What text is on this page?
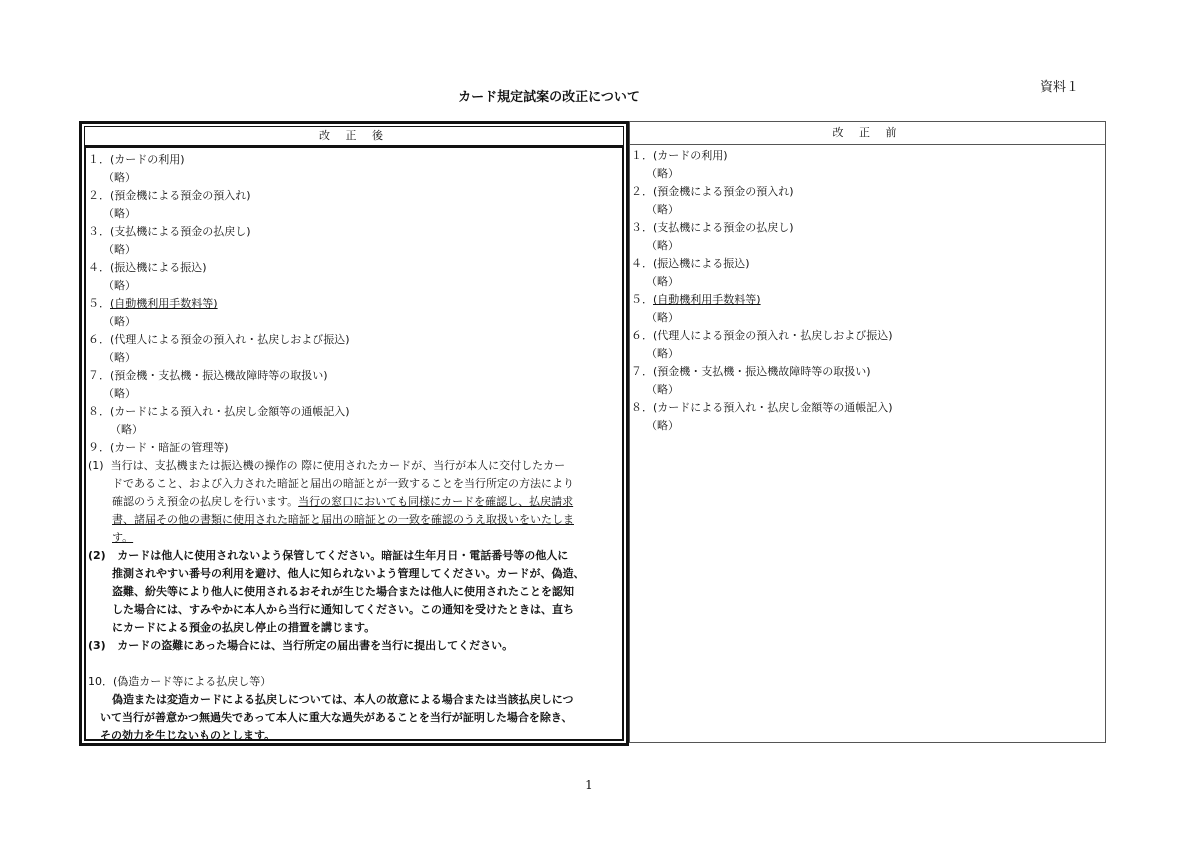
資料１
カード規定試案の改正について
改 正 後
１．(カードの利用)
（略）
２．(預金機による預金の預入れ)
（略）
３．(支払機による預金の払戻し)
（略）
４．(振込機による振込)
（略）
５．(自動機利用手数料等)
（略）
６．(代理人による預金の預入れ・払戻しおよび振込)
（略）
７．(預金機・支払機・振込機故障時等の取扱い)
（略）
８．(カードによる預入れ・払戻し金額等の通帳記入)
（略）
９．(カード・暗証の管理等)
(1) 当行は、支払機または振込機の操作の 際に使用されたカードが、当行が本人に交付したカー
ドであること、および入力された暗証と届出の暗証とが一致することを当行所定の方法により
確認のうえ預金の払戻しを行います。当行の窓口においても同様にカードを確認し、払戻請求
書、諸届その他の書類に使用された暗証と届出の暗証との一致を確認のうえ取扱いをいたしま
す。
(2) カードは他人に使用されないよう保管してください。暗証は生年月日・電話番号等の他人に
推測されやすい番号の利用を避け、他人に知られないよう管理してください。カードが、偽造、
盗難、紛失等により他人に使用されるおそれが生じた場合または他人に使用されたことを認知
した場合には、すみやかに本人から当行に通知してください。この通知を受けたときは、直ち
にカードによる預金の払戻し停止の措置を講じます。
(3) カードの盗難にあった場合には、当行所定の届出書を当行に提出してください。
10．(偽造カード等による払戻し等）
偽造または変造カードによる払戻しについては、本人の故意による場合または当該払戻しにつ
いて当行が善意かつ無過失であって本人に重大な過失があることを当行が証明した場合を除き、
その効力を生じないものとします。
改 正 前
１．(カードの利用)
（略）
２．(預金機による預金の預入れ)
（略）
３．(支払機による預金の払戻し)
（略）
４．(振込機による振込)
（略）
５．(自動機利用手数料等)
（略）
６．(代理人による預金の預入れ・払戻しおよび振込)
（略）
７．(預金機・支払機・振込機故障時等の取扱い)
（略）
８．(カードによる預入れ・払戻し金額等の通帳記入)
（略）
1
